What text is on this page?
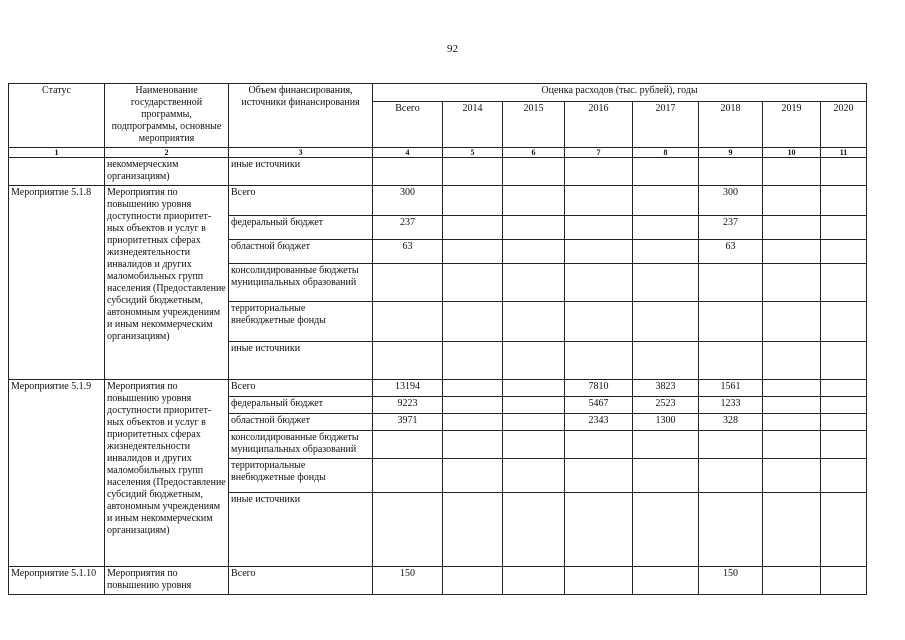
92
Статус	Наименование государственной программы, подпрограммы, основные мероприятия	Объем финансирования, источники финансирования	Оценка расходов (тыс. рублей), годы							
			Всего	2014	2015	2016	2017	2018	2019	2020
1	2	3	4	5	6	7	8	9	10	11
	некоммерческим организациям)	иные источники								
Мероприятие 5.1.8	Мероприятия по повышению уровня доступности приоритет-ных объектов и услуг в приоритетных сферах жизнедеятельности инвалидов и других маломобильных групп населения (Предоставление субсидий бюджетным, автономным учреждениям и иным некоммерческим организациям)	Всего	300					300		
		федеральный бюджет	237					237		
		областной бюджет	63					63		
		консолидированные бюджеты муниципальных образований								
		территориальные внебюджетные фонды								
		иные источники								
Мероприятие 5.1.9	Мероприятия по повышению уровня доступности приоритет-ных объектов и услуг в приоритетных сферах жизнедеятельности инвалидов и других маломобильных групп населения (Предоставление субсидий бюджетным, автономным учреждениям и иным некоммерческим организациям)	Всего	13194			7810	3823	1561		
		федеральный бюджет	9223			5467	2523	1233		
		областной бюджет	3971			2343	1300	328		
		консолидированные бюджеты муниципальных образований								
		территориальные внебюджетные фонды								
		иные источники								
Мероприятие 5.1.10	Мероприятия по повышению уровня	Всего	150					150		
